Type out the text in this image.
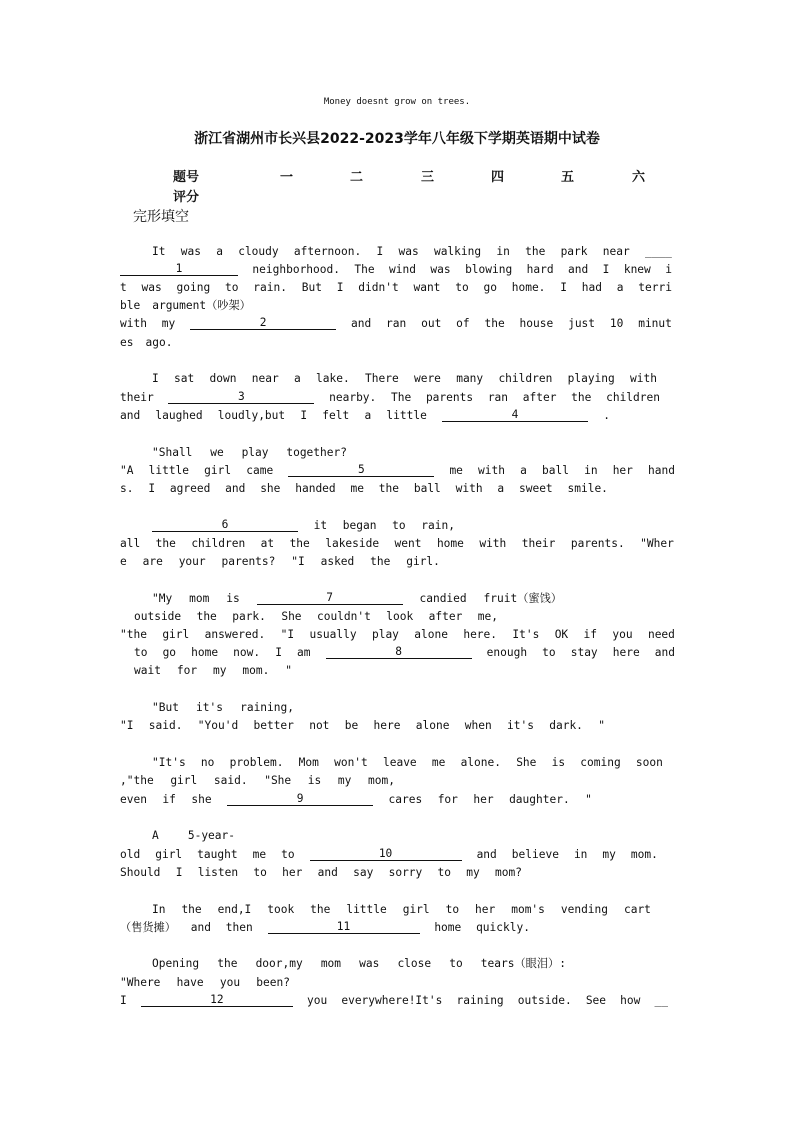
Money doesnt grow on trees.
浙江省湖州市长兴县2022-2023学年八年级下学期英语期中试卷
题号	一	二	三	四	五	六
评分
完形填空
It was a cloudy afternoon. I was walking in the park near ____
1	neighborhood. The wind was blowing hard and I knew i
t was going to rain. But I didn't want to go home. I had a terri
ble argument（吵架）
with my	2	and ran out of the house just 10 minut
es ago.
I sat down near a lake. There were many children playing with
their	3	nearby. The parents ran after the children
and laughed loudly,but I felt a little	4	.
"Shall we play together?
"A little girl came	5	me with a ball in her hand
s. I agreed and she handed me the ball with a sweet smile.
6	it began to rain,
all the children at the lakeside went home with their parents. "Wher
e are your parents? "I asked the girl.
"My mom is	7	candied fruit（蜜饯）
outside the park. She couldn't look after me,
"the girl answered. "I usually play alone here. It's OK if you need
to go home now. I am	8	enough to stay here and
wait for my mom. "
"But it's raining,
"I said. "You'd better not be here alone when it's dark. "
"It's no problem. Mom won't leave me alone. She is coming soon
,"the girl said. "She is my mom,
even if she	9	cares for her daughter. "
A	5-year-
old girl taught me to	10	and believe in my mom.
Should I listen to her and say sorry to my mom?
In the end,I took the little girl to her mom's vending cart
（售货摊） and then	11	home quickly.
Opening the door,my mom was close to tears（眼泪）:
"Where have you been?
I	12	you everywhere!It's raining outside. See how __
